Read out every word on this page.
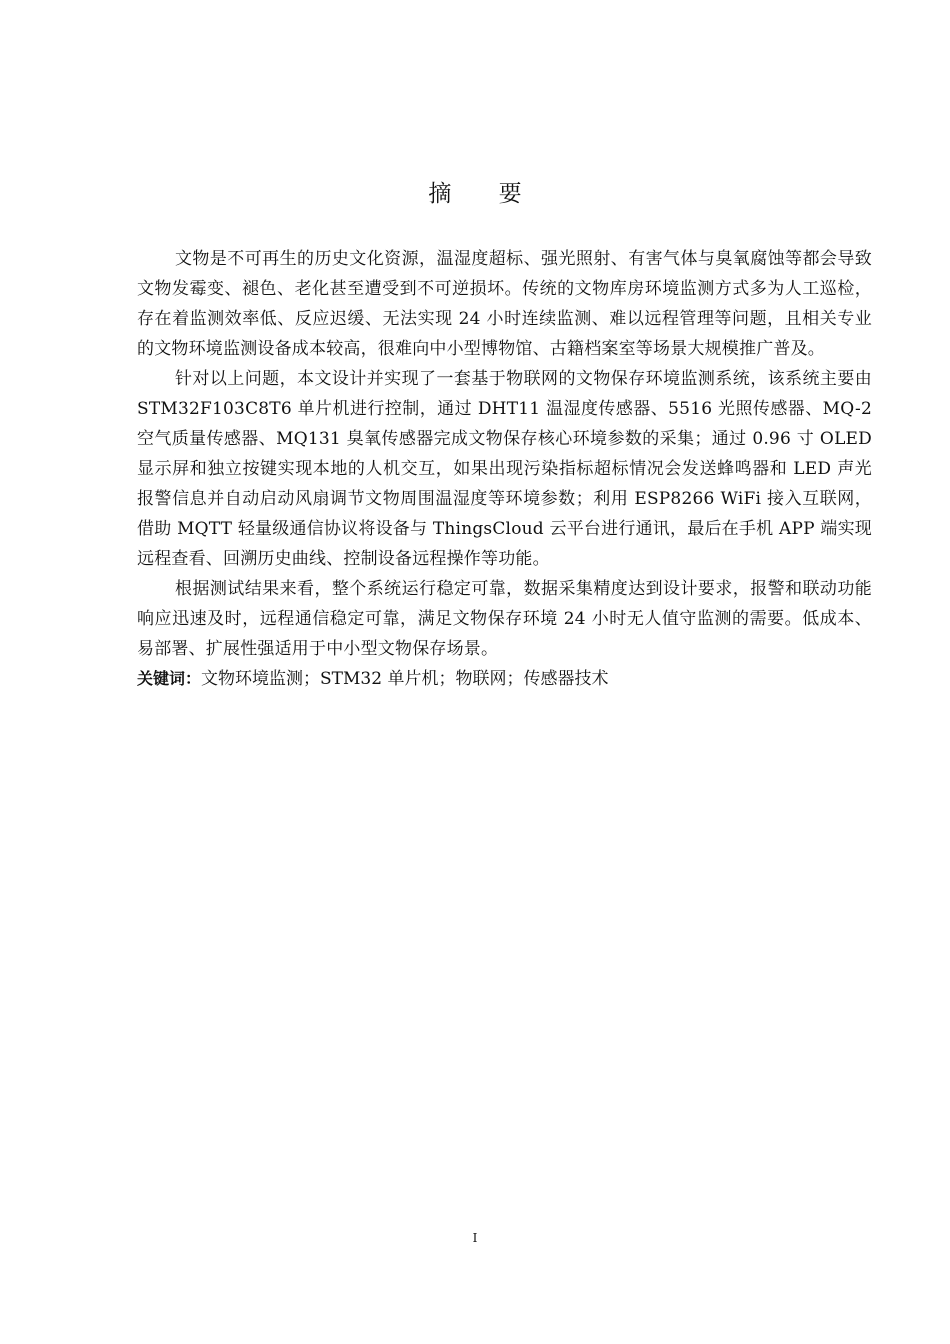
摘 要

文物是不可再生的历史文化资源，温湿度超标、强光照射、有害气体与臭氧腐蚀等都会导致文物发霉变、褪色、老化甚至遭受到不可逆损坏。传统的文物库房环境监测方式多为人工巡检，存在着监测效率低、反应迟缓、无法实现 24 小时连续监测、难以远程管理等问题，且相关专业的文物环境监测设备成本较高，很难向中小型博物馆、古籍档案室等场景大规模推广普及。

针对以上问题，本文设计并实现了一套基于物联网的文物保存环境监测系统，该系统主要由 STM32F103C8T6 单片机进行控制，通过 DHT11 温湿度传感器、5516 光照传感器、MQ-2 空气质量传感器、MQ131 臭氧传感器完成文物保存核心环境参数的采集；通过 0.96 寸 OLED 显示屏和独立按键实现本地的人机交互，如果出现污染指标超标情况会发送蜂鸣器和 LED 声光报警信息并自动启动风扇调节文物周围温湿度等环境参数；利用 ESP8266 WiFi 接入互联网，借助 MQTT 轻量级通信协议将设备与 ThingsCloud 云平台进行通讯，最后在手机 APP 端实现远程查看、回溯历史曲线、控制设备远程操作等功能。

根据测试结果来看，整个系统运行稳定可靠，数据采集精度达到设计要求，报警和联动功能响应迅速及时，远程通信稳定可靠，满足文物保存环境 24 小时无人值守监测的需要。低成本、易部署、扩展性强适用于中小型文物保存场景。

关键词：文物环境监测；STM32 单片机；物联网；传感器技术

I
